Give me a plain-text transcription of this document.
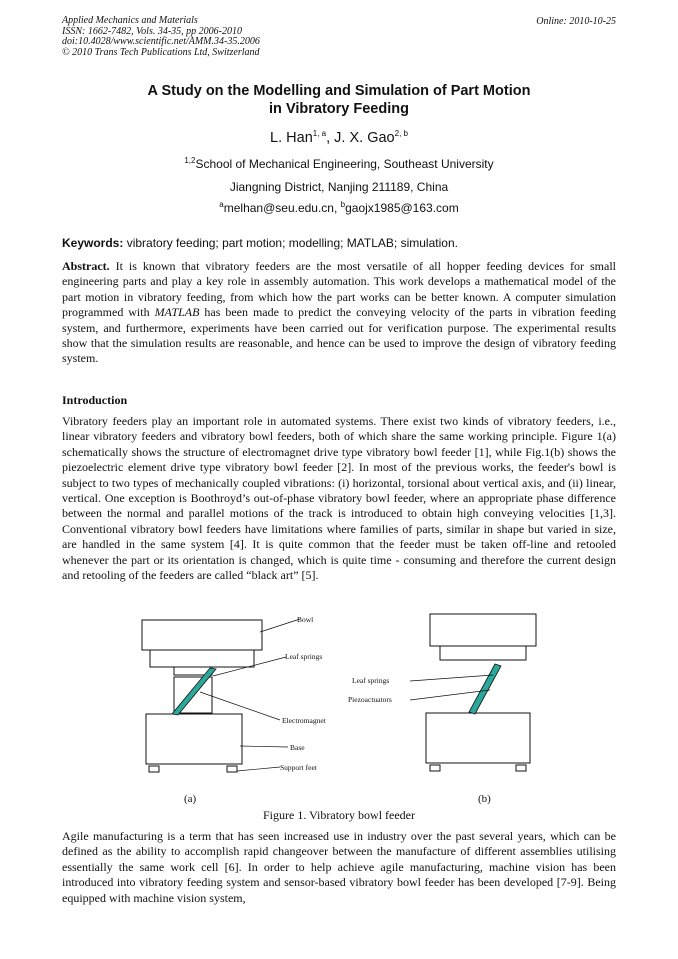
Applied Mechanics and Materials
ISSN: 1662-7482, Vols. 34-35, pp 2006-2010
doi:10.4028/www.scientific.net/AMM.34-35.2006
© 2010 Trans Tech Publications Ltd, Switzerland
Online: 2010-10-25
A Study on the Modelling and Simulation of Part Motion
in Vibratory Feeding
L. Han$^{1, a}$, J. X. Gao$^{2, b}$
$^{1,2}$School of Mechanical Engineering, Southeast University
Jiangning District, Nanjing 211189, China
$^a$melhan@seu.edu.cn, $^b$gaojx1985@163.com
Keywords: vibratory feeding; part motion; modelling; MATLAB; simulation.

Abstract. It is known that vibratory feeders are the most versatile of all hopper feeding devices for small engineering parts and play a key role in assembly automation. This work develops a mathematical model of the part motion in vibratory feeding, from which how the part works can be better known. A computer simulation programmed with MATLAB has been made to predict the conveying velocity of the parts in vibration feeding system, and furthermore, experiments have been carried out for verification purpose. The experimental results show that the simulation results are reasonable, and hence can be used to improve the design of vibratory feeding system.

Introduction

Vibratory feeders play an important role in automated systems. There exist two kinds of vibratory feeders, i.e., linear vibratory feeders and vibratory bowl feeders, both of which share the same working principle. Figure 1(a) schematically shows the structure of electromagnet drive type vibratory bowl feeder [1], while Fig.1(b) shows the piezoelectric element drive type vibratory bowl feeder [2]. In most of the previous works, the feeder's bowl is subject to two types of mechanically coupled vibrations: (i) horizontal, torsional about vertical axis, and (ii) linear, vertical. One exception is Boothroyd’s out-of-phase vibratory bowl feeder, where an appropriate phase difference between the normal and parallel motions of the track is introduced to obtain high conveying velocities [1,3]. Conventional vibratory bowl feeders have limitations where families of parts, similar in shape but varied in size, are handled in the same system [4]. It is quite common that the feeder must be taken off-line and retooled whenever the part or its orientation is changed, which is quite time - consuming and therefore the current design and retooling of the feeders are called “black art” [5].

Bowl
Leaf springs
Electromagnet
Base
Support feet
Leaf springs
Piezoactuators
(a)	(b)
Figure 1. Vibratory bowl feeder

Agile manufacturing is a term that has seen increased use in industry over the past several years, which can be defined as the ability to accomplish rapid changeover between the manufacture of different assemblies utilising essentially the same work cell [6]. In order to help achieve agile manufacturing, machine vision has been introduced into vibratory feeding system and sensor-based vibratory bowl feeder has been developed [7-9]. Being equipped with machine vision system,
